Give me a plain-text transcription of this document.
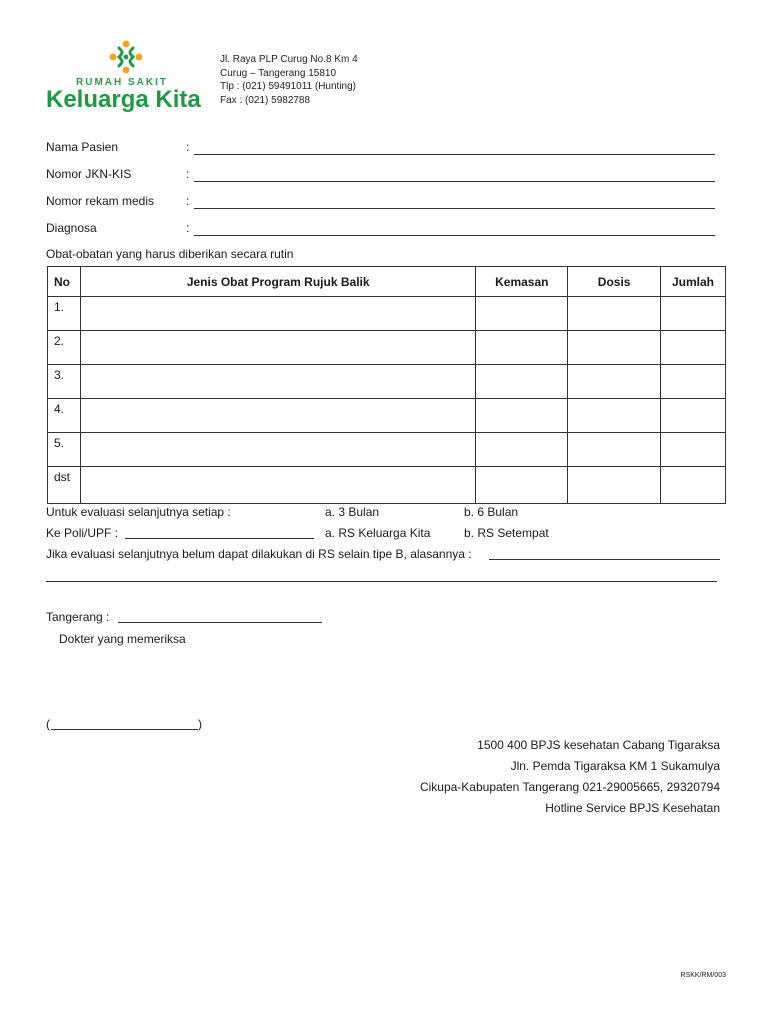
RUMAH SAKIT
Keluarga Kita
Jl. Raya PLP Curug No.8 Km 4
Curug – Tangerang 15810
Tlp : (021) 59491011 (Hunting)
Fax : (021) 5982788
Nama Pasien	:
Nomor JKN-KIS	:
Nomor rekam medis	:
Diagnosa	:
Obat-obatan yang harus diberikan secara rutin
No	Jenis Obat Program Rujuk Balik	Kemasan	Dosis	Jumlah
1.				
2.				
3.				
4.				
5.				
dst				
Untuk evaluasi selanjutnya setiap :	a. 3 Bulan	b. 6 Bulan
Ke Poli/UPF :	a. RS Keluarga Kita	b. RS Setempat
Jika evaluasi selanjutnya belum dapat dilakukan di RS selain tipe B, alasannya :
Tangerang :
Dokter yang memeriksa
(	)
1500 400 BPJS kesehatan Cabang Tigaraksa
Jln. Pemda Tigaraksa KM 1 Sukamulya
Cikupa-Kabupaten Tangerang 021-29005665, 29320794
Hotline Service BPJS Kesehatan
RSKK/RM/003
